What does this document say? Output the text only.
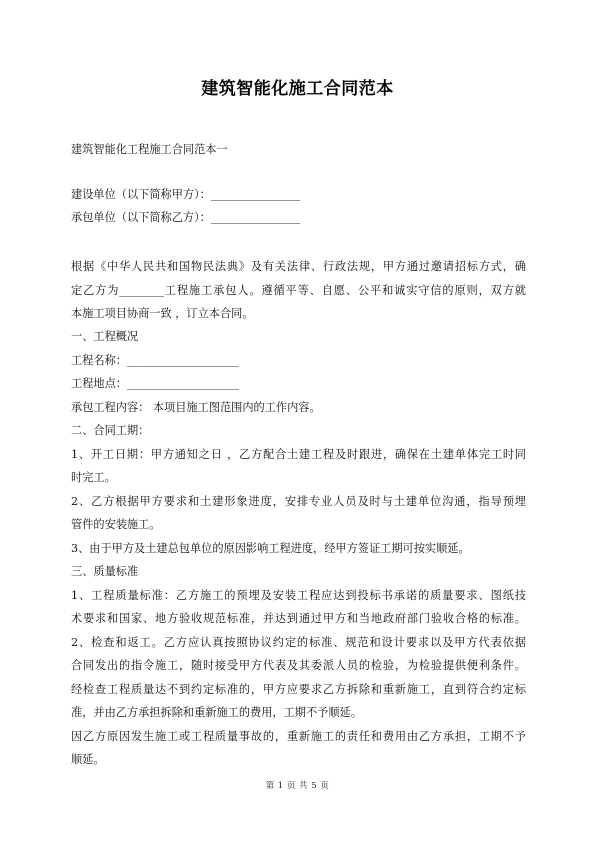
建筑智能化施工合同范本
建筑智能化工程施工合同范本一
建设单位（以下简称甲方）：________________
承包单位（以下简称乙方）：________________
根据《中华人民共和国物民法典》及有关法律、行政法规，甲方通过邀请招标方式，确
定乙方为________工程施工承包人。遵循平等、自愿、公平和诚实守信的原则，双方就
本施工项目协商一致 ，订立本合同。
一、工程概况
工程名称：____________________
工程地点：____________________
承包工程内容： 本项目施工图范围内的工作内容。
二、合同工期：
1、开工日期：甲方通知之日 ，乙方配合土建工程及时跟进，确保在土建单体完工时同
时完工。
2、乙方根据甲方要求和土建形象进度，安排专业人员及时与土建单位沟通，指导预埋
管件的安装施工。
3、由于甲方及土建总包单位的原因影响工程进度，经甲方签证工期可按实顺延。
三、质量标准
1、工程质量标准：乙方施工的预埋及安装工程应达到投标书承诺的质量要求、图纸技
术要求和国家、地方验收规范标准，并达到通过甲方和当地政府部门验收合格的标准。
2、检查和返工。乙方应认真按照协议约定的标准、规范和设计要求以及甲方代表依据
合同发出的指令施工，随时接受甲方代表及其委派人员的检验，为检验提供便利条件。
经检查工程质量达不到约定标准的，甲方应要求乙方拆除和重新施工，直到符合约定标
准，并由乙方承担拆除和重新施工的费用，工期不予顺延。
因乙方原因发生施工或工程质量事故的，重新施工的责任和费用由乙方承担，工期不予
顺延。
第 1 页 共 5 页
